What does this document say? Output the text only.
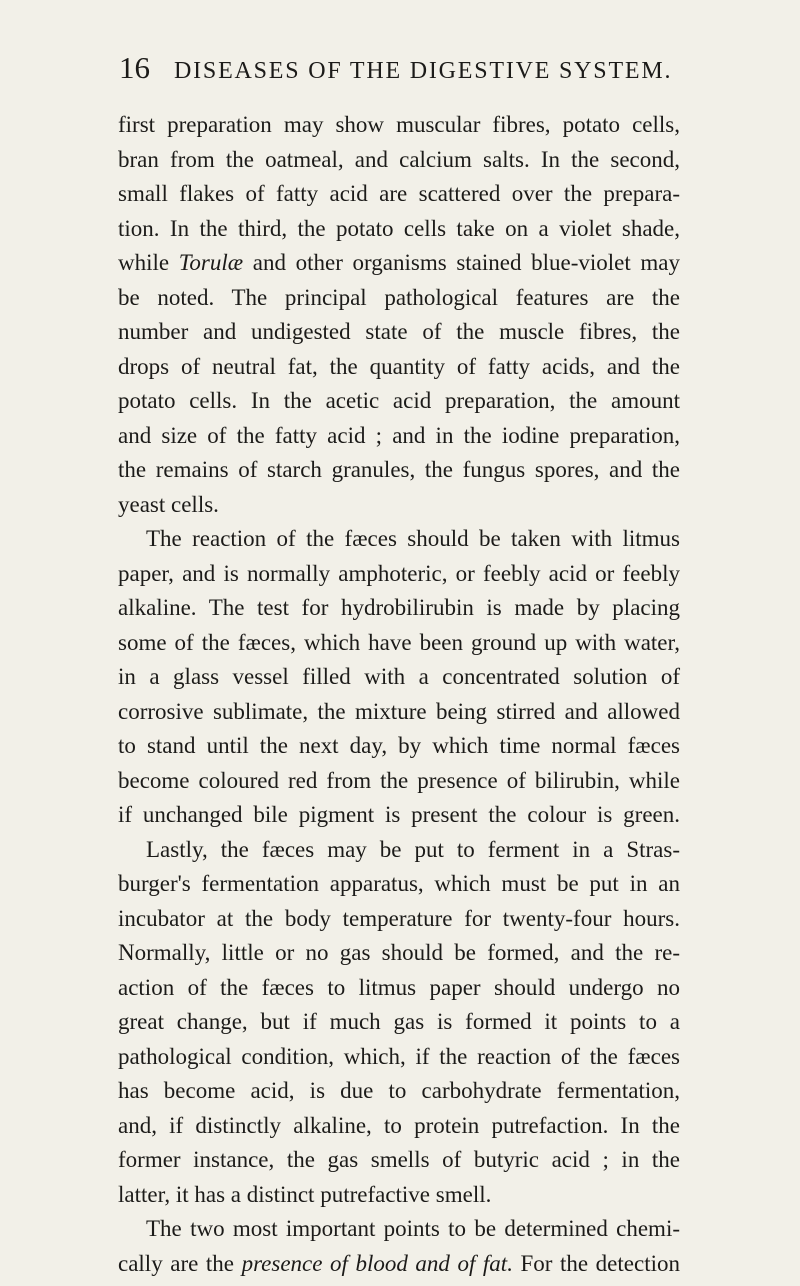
16 DISEASES OF THE DIGESTIVE SYSTEM.
first preparation may show muscular fibres, potato cells,
bran from the oatmeal, and calcium salts. In the second,
small flakes of fatty acid are scattered over the prepara-
tion. In the third, the potato cells take on a violet shade,
while Torulæ and other organisms stained blue-violet may
be noted. The principal pathological features are the
number and undigested state of the muscle fibres, the
drops of neutral fat, the quantity of fatty acids, and the
potato cells. In the acetic acid preparation, the amount
and size of the fatty acid ; and in the iodine preparation,
the remains of starch granules, the fungus spores, and the
yeast cells.
The reaction of the fæces should be taken with litmus
paper, and is normally amphoteric, or feebly acid or feebly
alkaline. The test for hydrobilirubin is made by placing
some of the fæces, which have been ground up with water,
in a glass vessel filled with a concentrated solution of
corrosive sublimate, the mixture being stirred and allowed
to stand until the next day, by which time normal fæces
become coloured red from the presence of bilirubin, while
if unchanged bile pigment is present the colour is green.
Lastly, the fæces may be put to ferment in a Stras-
burger's fermentation apparatus, which must be put in an
incubator at the body temperature for twenty-four hours.
Normally, little or no gas should be formed, and the re-
action of the fæces to litmus paper should undergo no
great change, but if much gas is formed it points to a
pathological condition, which, if the reaction of the fæces
has become acid, is due to carbohydrate fermentation,
and, if distinctly alkaline, to protein putrefaction. In the
former instance, the gas smells of butyric acid ; in the
latter, it has a distinct putrefactive smell.
The two most important points to be determined chemi-
cally are the presence of blood and of fat. For the detection
